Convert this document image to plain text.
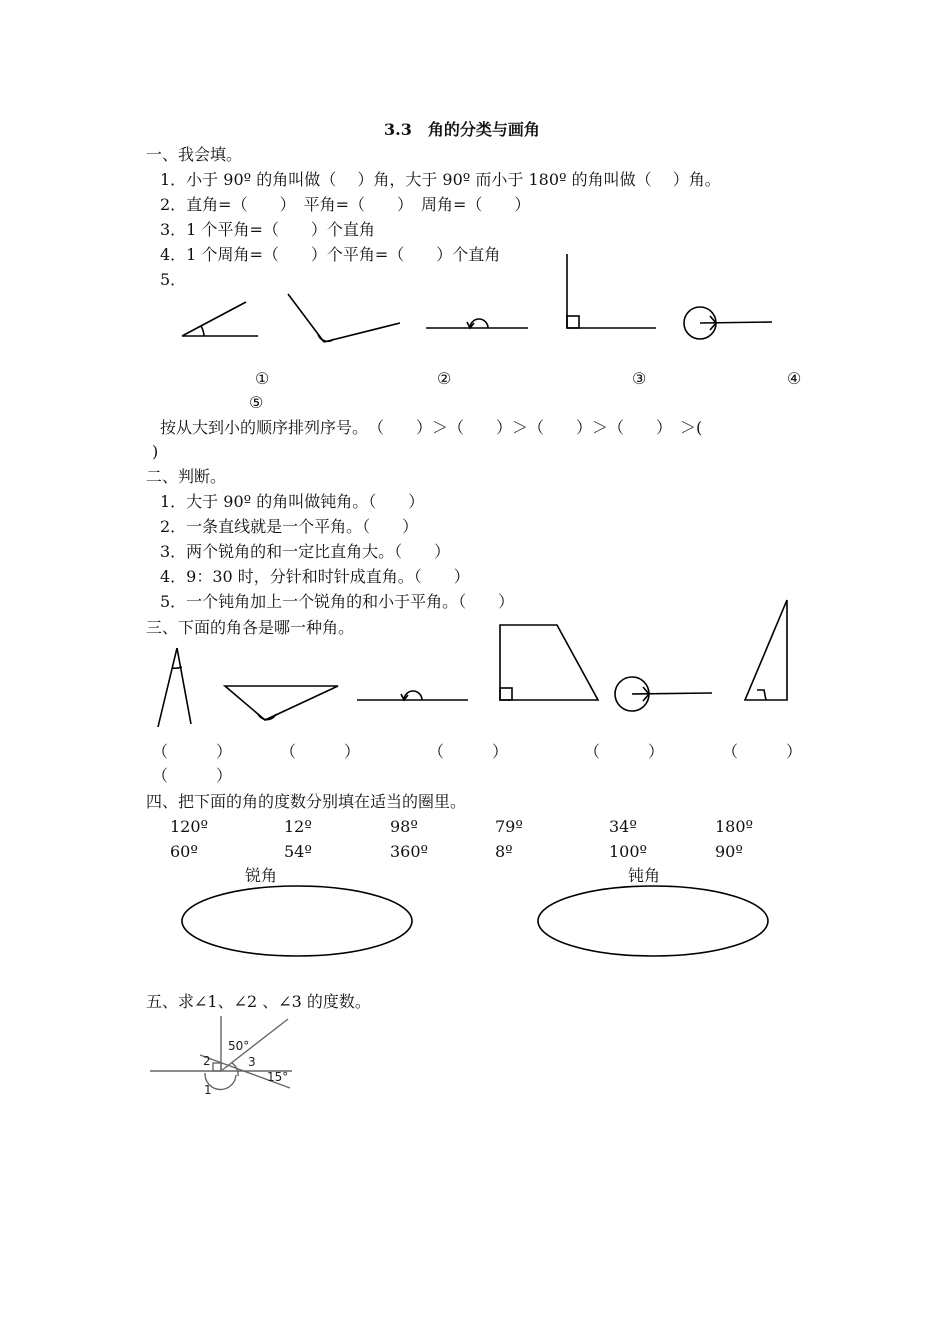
3.3　角的分类与画角
一、我会填。
1．小于 90º 的角叫做（　 ）角，大于 90º 而小于 180º 的角叫做（　 ）角。
2．直角=（　　）　平角=（　　）　周角=（　　）
3．1 个平角=（　　）个直角
4．1 个周角=（　　）个平角=（　　）个直角
5．
①	②	③	④
⑤
按从大到小的顺序排列序号。　（　　）＞（　　）＞（　　）＞（　　）　＞(
)
二、判断。
1．大于 90º 的角叫做钝角。（　　）
2．一条直线就是一个平角。（　　）
3．两个锐角的和一定比直角大。（　　）
4．9：30 时，分针和时针成直角。（　　）
5．一个钝角加上一个锐角的和小于平角。（　　）
三、下面的角各是哪一种角。
（　　　）	（　　　）	（　　　）	（　　　）	（　　　）
（　　　）
四、把下面的角的度数分别填在适当的圈里。
120º	12º	98º	79º	34º	180º
60º	54º	360º	8º	100º	90º
锐角	钝角
五、求∠1、∠2 、∠3 的度数。
50°
15°
1
2	3
